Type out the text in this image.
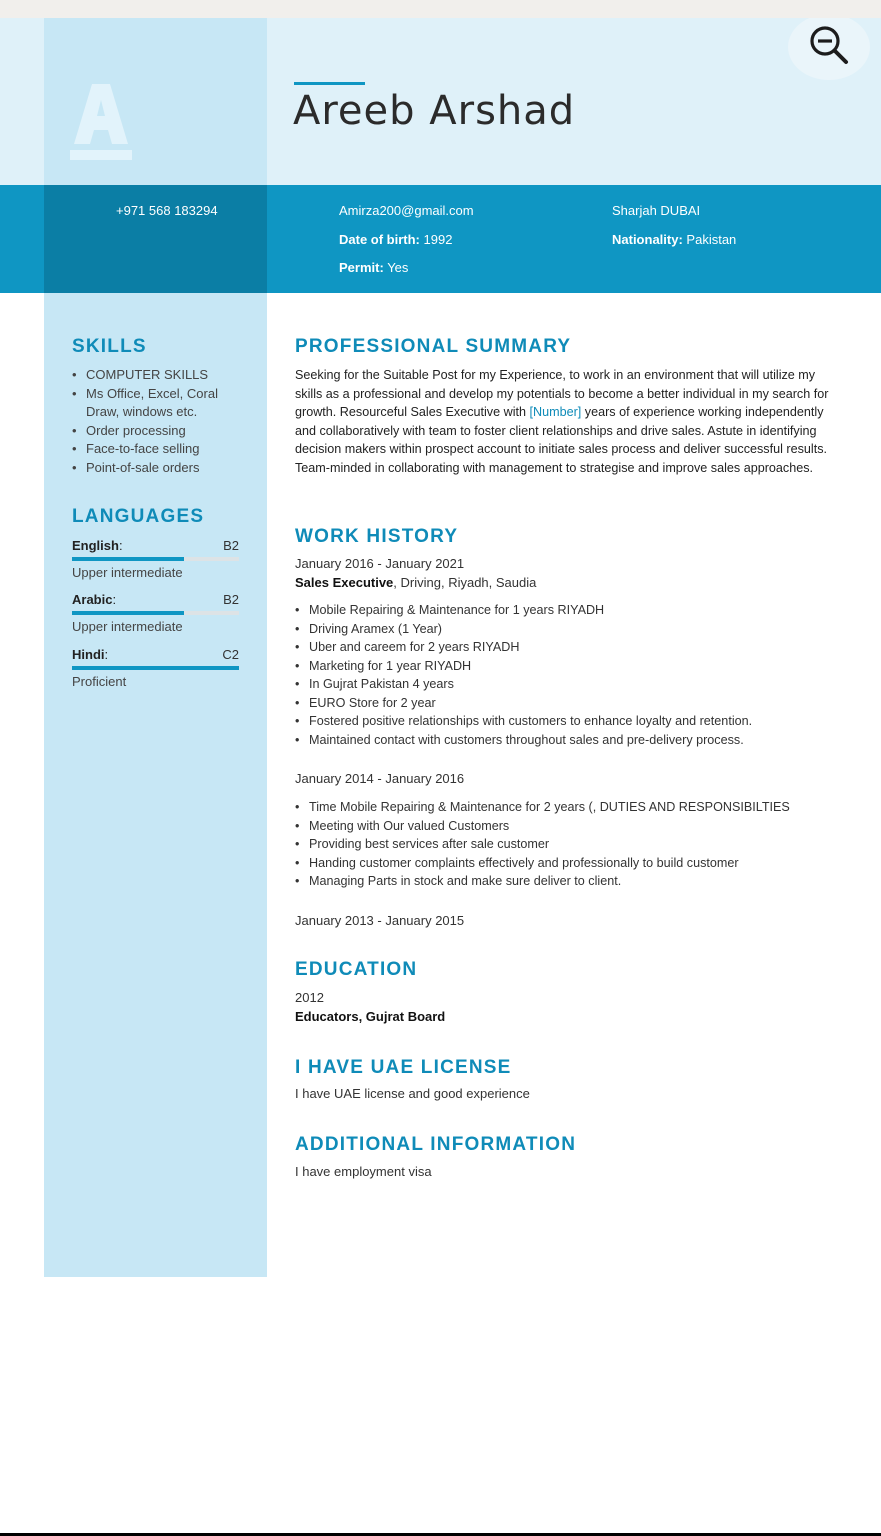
Areeb Arshad
+971 568 183294	Amirza200@gmail.com	Sharjah DUBAI
Date of birth: 1992	Nationality: Pakistan
Permit: Yes
SKILLS
• COMPUTER SKILLS
• Ms Office, Excel, Coral Draw, windows etc.
• Order processing
• Face-to-face selling
• Point-of-sale orders
LANGUAGES
English :	B2
Upper intermediate
Arabic :	B2
Upper intermediate
Hindi :	C2
Proficient
PROFESSIONAL SUMMARY

Seeking for the Suitable Post for my Experience, to work in an environment that will utilize my skills as a professional and develop my potentials to become a better individual in my search for growth. Resourceful Sales Executive with [Number] years of experience working independently and collaboratively with team to foster client relationships and drive sales. Astute in identifying decision makers within prospect account to initiate sales process and deliver successful results. Team-minded in collaborating with management to strategise and improve sales approaches.

WORK HISTORY
January 2016 - January 2021
Sales Executive, Driving, Riyadh, Saudia
• Mobile Repairing & Maintenance for 1 years RIYADH
• Driving Aramex (1 Year)
• Uber and careem for 2 years RIYADH
• Marketing for 1 year RIYADH
• In Gujrat Pakistan 4 years
• EURO Store for 2 year
• Fostered positive relationships with customers to enhance loyalty and retention.
• Maintained contact with customers throughout sales and pre-delivery process.
January 2014 - January 2016
• Time Mobile Repairing & Maintenance for 2 years (, DUTIES AND RESPONSIBILTIES
• Meeting with Our valued Customers
• Providing best services after sale customer
• Handing customer complaints effectively and professionally to build customer
• Managing Parts in stock and make sure deliver to client.
January 2013 - January 2015
EDUCATION
2012
Educators, Gujrat Board
I HAVE UAE LICENSE
I have UAE license and good experience
ADDITIONAL INFORMATION
I have employment visa
